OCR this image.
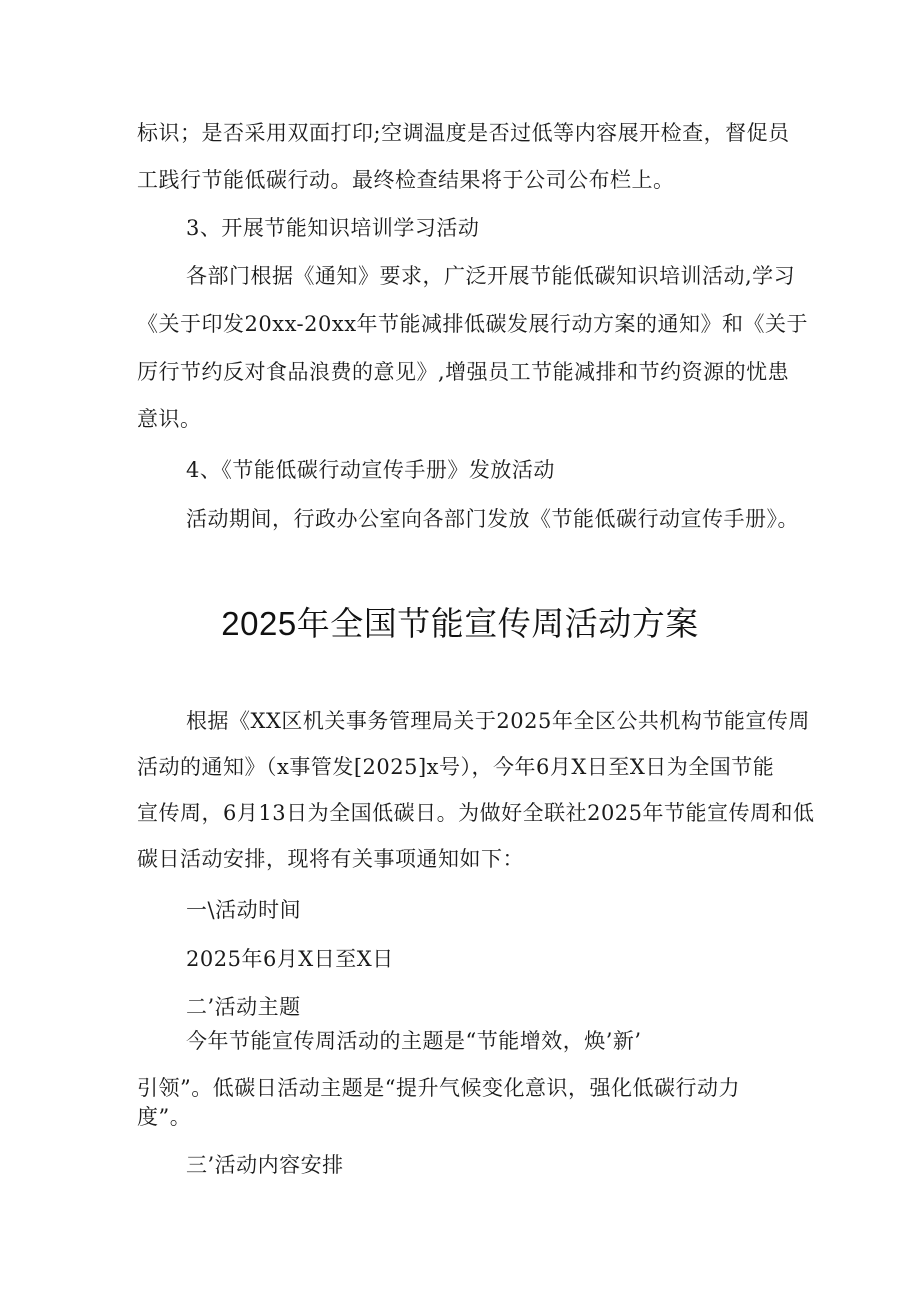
标识；是否采用双面打印;空调温度是否过低等内容展开检查，督促员
工践行节能低碳行动。最终检查结果将于公司公布栏上。
3、开展节能知识培训学习活动
各部门根据《通知》要求，广泛开展节能低碳知识培训活动,学习
《关于印发20xx-20xx年节能减排低碳发展行动方案的通知》和《关于
厉行节约反对食品浪费的意见》,增强员工节能减排和节约资源的忧患
意识。
4、《节能低碳行动宣传手册》发放活动
活动期间，行政办公室向各部门发放《节能低碳行动宣传手册》。
2025年全国节能宣传周活动方案
根据《XX区机关事务管理局关于2025年全区公共机构节能宣传周
活动的通知》（x事管发[2025]x号），今年6月X日至X日为全国节能
宣传周，6月13日为全国低碳日。为做好全联社2025年节能宣传周和低
碳日活动安排，现将有关事项通知如下：
一\活动时间
2025年6月X日至X日
二’活动主题
今年节能宣传周活动的主题是“节能增效，焕’新’
引领”。低碳日活动主题是“提升气候变化意识，强化低碳行动力
度”。
三’活动内容安排
